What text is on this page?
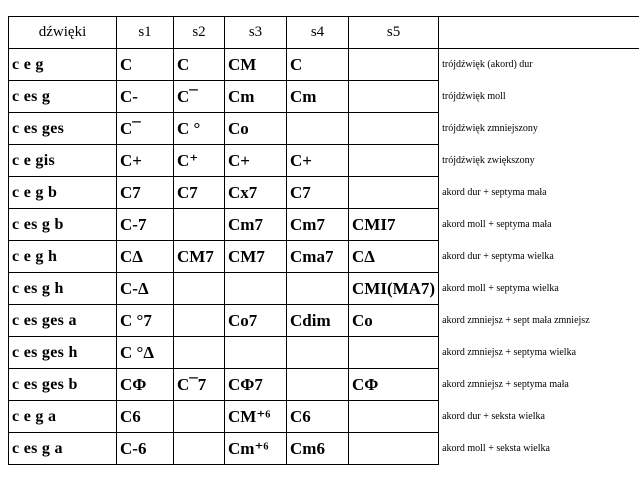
dźwięki	s1	s2	s3	s4	s5	
c e g	C	C	CM	C		trójdźwięk (akord) dur
c es g	C-	C¯	Cm	Cm		trójdźwięk moll
c es ges	C¯	C °	Co			trójdźwięk zmniejszony
c e gis	C+	C⁺	C+	C+		trójdźwięk zwiększony
c e g b	C7	C7	Cx7	C7		akord dur + septyma mała
c es g b	C-7		Cm7	Cm7	CMI7	akord moll + septyma mała
c e g h	CΔ	CM7	CM7	Cma7	CΔ	akord dur + septyma wielka
c es g h	C-Δ				CMI(MA7)	akord moll + septyma wielka
c es ges a	C °7		Co7	Cdim	Co	akord zmniejsz + sept mała zmniejsz
c es ges h	C °Δ					akord zmniejsz + septyma wielka
c es ges b	CΦ	C¯7	CΦ7		CΦ	akord zmniejsz + septyma mała
c e g a	C6		CM⁺⁶	C6		akord dur + seksta wielka
c es g a	C-6		Cm⁺⁶	Cm6		akord moll + seksta wielka
